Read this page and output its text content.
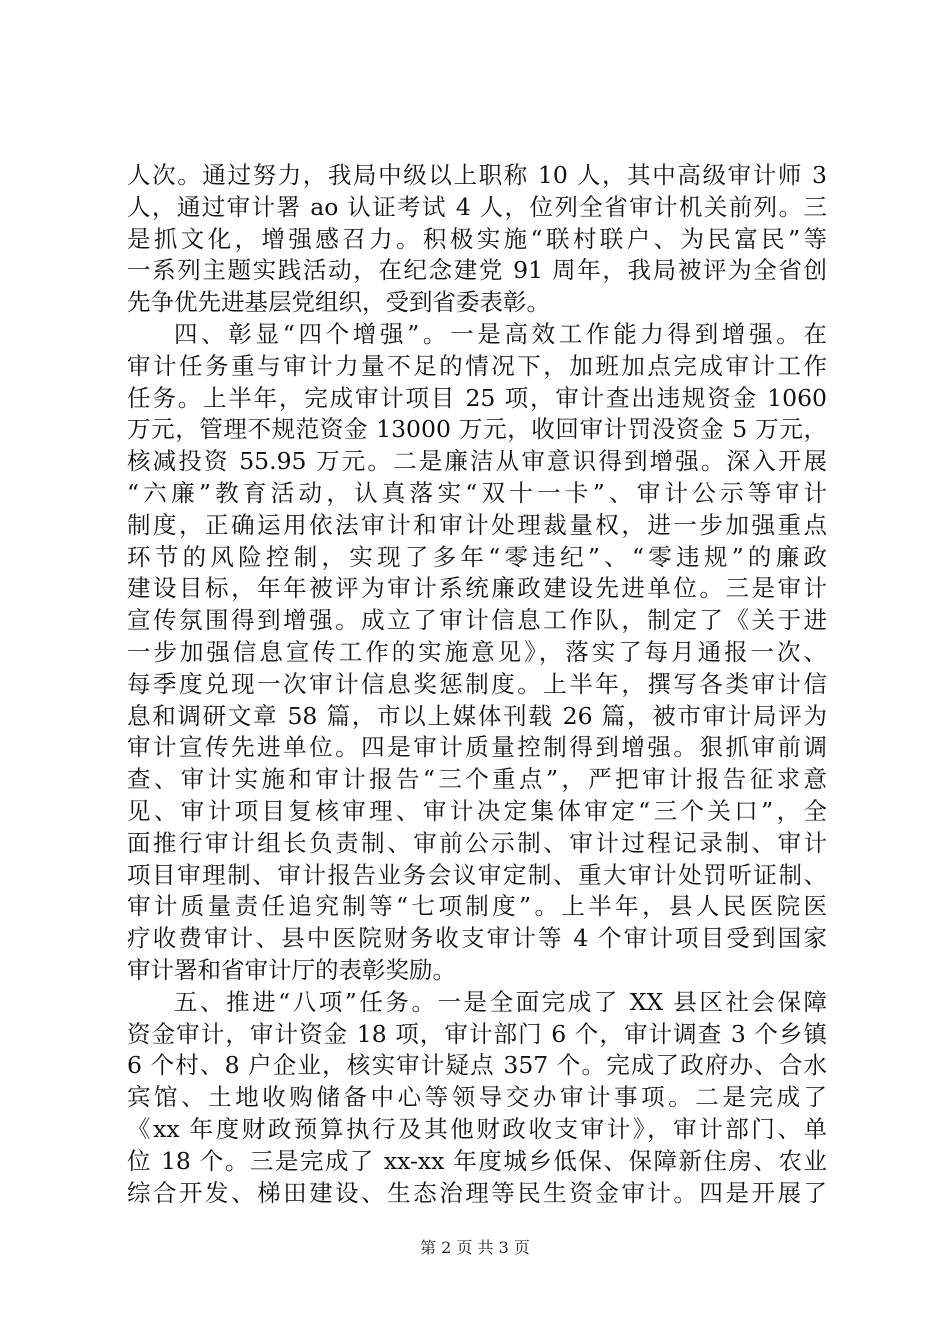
人次。通过努力，我局中级以上职称 10 人，其中高级审计师 3
人，通过审计署 ao 认证考试 4 人，位列全省审计机关前列。三
是抓文化，增强感召力。积极实施“联村联户、为民富民”等
一系列主题实践活动，在纪念建党 91 周年，我局被评为全省创
先争优先进基层党组织，受到省委表彰。
四、彰显“四个增强”。一是高效工作能力得到增强。在
审计任务重与审计力量不足的情况下，加班加点完成审计工作
任务。上半年，完成审计项目 25 项，审计查出违规资金 1060
万元，管理不规范资金 13000 万元，收回审计罚没资金 5 万元，
核减投资 55.95 万元。二是廉洁从审意识得到增强。深入开展
“六廉”教育活动，认真落实“双十一卡”、审计公示等审计
制度，正确运用依法审计和审计处理裁量权，进一步加强重点
环节的风险控制，实现了多年“零违纪”、“零违规”的廉政
建设目标，年年被评为审计系统廉政建设先进单位。三是审计
宣传氛围得到增强。成立了审计信息工作队，制定了《关于进
一步加强信息宣传工作的实施意见》，落实了每月通报一次、
每季度兑现一次审计信息奖惩制度。上半年，撰写各类审计信
息和调研文章 58 篇，市以上媒体刊载 26 篇，被市审计局评为
审计宣传先进单位。四是审计质量控制得到增强。狠抓审前调
查、审计实施和审计报告“三个重点”，严把审计报告征求意
见、审计项目复核审理、审计决定集体审定“三个关口”，全
面推行审计组长负责制、审前公示制、审计过程记录制、审计
项目审理制、审计报告业务会议审定制、重大审计处罚听证制、
审计质量责任追究制等“七项制度”。上半年，县人民医院医
疗收费审计、县中医院财务收支审计等 4 个审计项目受到国家
审计署和省审计厅的表彰奖励。
五、推进“八项”任务。一是全面完成了 XX 县区社会保障
资金审计，审计资金 18 项，审计部门 6 个，审计调查 3 个乡镇
6 个村、8 户企业，核实审计疑点 357 个。完成了政府办、合水
宾馆、土地收购储备中心等领导交办审计事项。二是完成了
《xx 年度财政预算执行及其他财政收支审计》，审计部门、单
位 18 个。三是完成了 xx-xx 年度城乡低保、保障新住房、农业
综合开发、梯田建设、生态治理等民生资金审计。四是开展了
第 2 页 共 3 页
